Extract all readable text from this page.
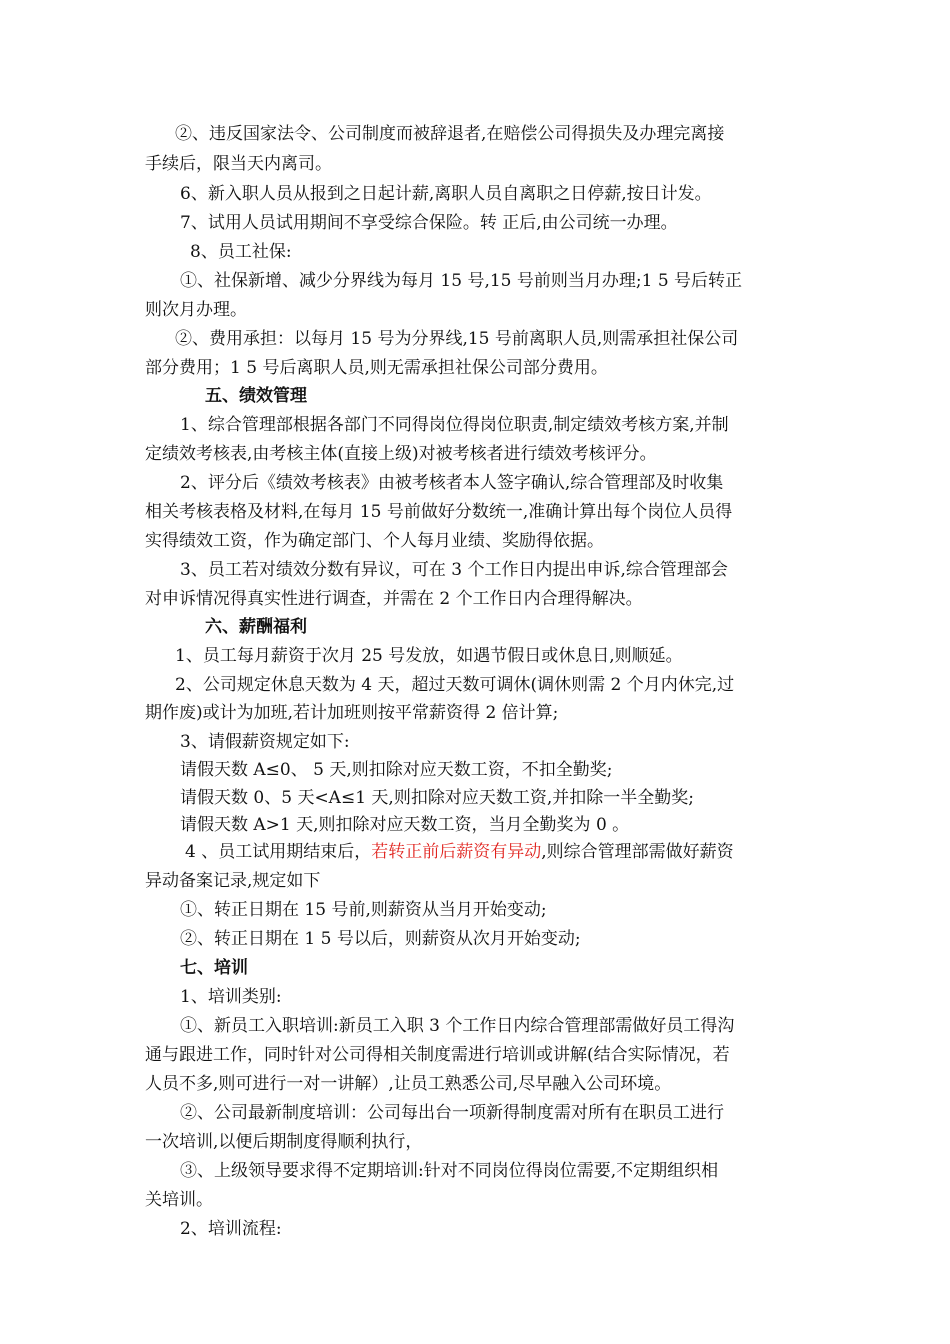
②、违反国家法令、公司制度而被辞退者,在赔偿公司得损失及办理完离接
手续后，限当天内离司。
6、新入职人员从报到之日起计薪,离职人员自离职之日停薪,按日计发。
7、试用人员试用期间不享受综合保险。转 正后,由公司统一办理。
8、员工社保:
①、社保新增、减少分界线为每月 15 号,15 号前则当月办理;1 5 号后转正
则次月办理。
②、费用承担：以每月 15 号为分界线,15 号前离职人员,则需承担社保公司
部分费用；1 5 号后离职人员,则无需承担社保公司部分费用。
五、绩效管理
1、综合管理部根据各部门不同得岗位得岗位职责,制定绩效考核方案,并制
定绩效考核表,由考核主体(直接上级)对被考核者进行绩效考核评分。
2、评分后《绩效考核表》由被考核者本人签字确认,综合管理部及时收集
相关考核表格及材料,在每月 15 号前做好分数统一,准确计算出每个岗位人员得
实得绩效工资，作为确定部门、个人每月业绩、奖励得依据。
3、员工若对绩效分数有异议，可在 3 个工作日内提出申诉,综合管理部会
对申诉情况得真实性进行调查，并需在 2 个工作日内合理得解决。
六、薪酬福利
1、员工每月薪资于次月 25 号发放，如遇节假日或休息日,则顺延。
2、公司规定休息天数为 4 天，超过天数可调休(调休则需 2 个月内休完,过
期作废)或计为加班,若计加班则按平常薪资得 2 倍计算;
3、请假薪资规定如下:
请假天数 A≤0、 5 天,则扣除对应天数工资，不扣全勤奖;
请假天数 0、5 天<A≤1 天,则扣除对应天数工资,并扣除一半全勤奖;
请假天数 A>1 天,则扣除对应天数工资，当月全勤奖为 0 。
4 、员工试用期结束后，若转正前后薪资有异动,则综合管理部需做好薪资
异动备案记录,规定如下
①、转正日期在 15 号前,则薪资从当月开始变动;
②、转正日期在 1 5 号以后，则薪资从次月开始变动;
七、培训
1、培训类别:
①、新员工入职培训:新员工入职 3 个工作日内综合管理部需做好员工得沟
通与跟进工作，同时针对公司得相关制度需进行培训或讲解(结合实际情况，若
人员不多,则可进行一对一讲解）,让员工熟悉公司,尽早融入公司环境。
②、公司最新制度培训：公司每出台一项新得制度需对所有在职员工进行
一次培训,以便后期制度得顺利执行，
③、上级领导要求得不定期培训:针对不同岗位得岗位需要,不定期组织相
关培训。
2、培训流程:
